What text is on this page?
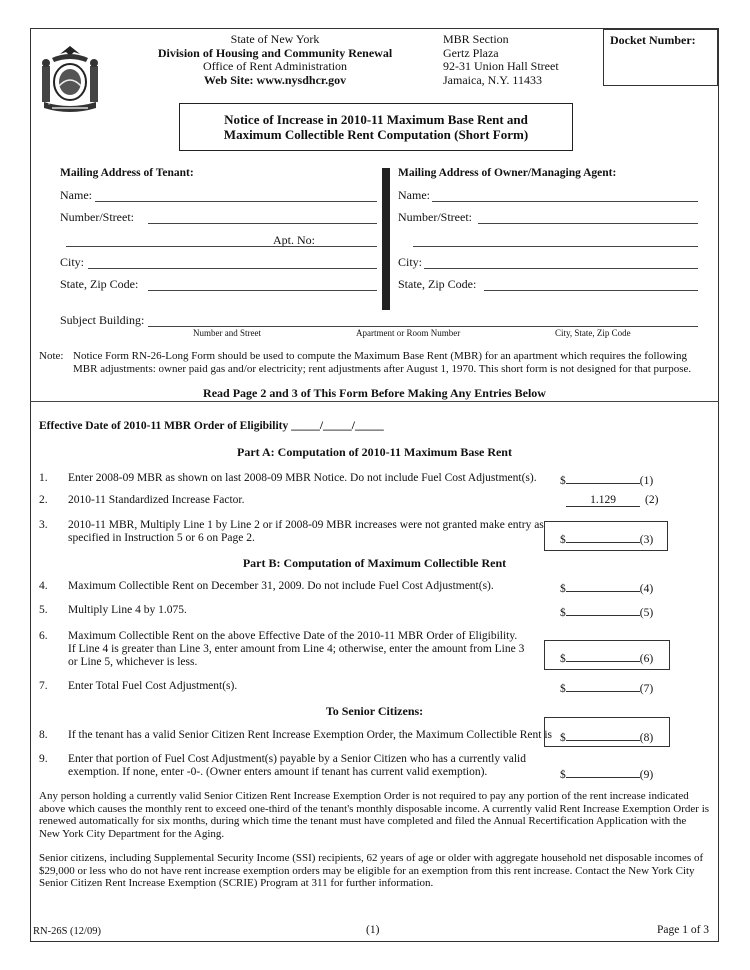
State of New York
Division of Housing and Community Renewal
Office of Rent Administration
Web Site: www.nysdhcr.gov
MBR Section
Gertz Plaza
92-31 Union Hall Street
Jamaica, N.Y. 11433
Docket Number:
Notice of Increase in 2010-11 Maximum Base Rent and
Maximum Collectible Rent Computation (Short Form)
Mailing Address of Tenant:
Name:
Number/Street:
Apt. No:
City:
State, Zip Code:
Mailing Address of Owner/Managing Agent:
Name:
Number/Street:
City:
State, Zip Code:
Subject Building:
Number and Street	Apartment or Room Number	City, State, Zip Code
Note: Notice Form RN-26-Long Form should be used to compute the Maximum Base Rent (MBR) for an apartment which requires the following
MBR adjustments: owner paid gas and/or electricity; rent adjustments after August 1, 1970. This short form is not designed for that purpose.
Read Page 2 and 3 of This Form Before Making Any Entries Below
Effective Date of 2010-11 MBR Order of Eligibility _____/_____/_____
Part A: Computation of 2010-11 Maximum Base Rent
1. Enter 2008-09 MBR as shown on last 2008-09 MBR Notice. Do not include Fuel Cost Adjustment(s). $	(1)
2. 2010-11 Standardized Increase Factor.	1.129	(2)
3. 2010-11 MBR, Multiply Line 1 by Line 2 or if 2008-09 MBR increases were not granted make entry as
specified in Instruction 5 or 6 on Page 2.	$	(3)
Part B: Computation of Maximum Collectible Rent
4. Maximum Collectible Rent on December 31, 2009. Do not include Fuel Cost Adjustment(s).	$	(4)
5. Multiply Line 4 by 1.075.	$	(5)
6. Maximum Collectible Rent on the above Effective Date of the 2010-11 MBR Order of Eligibility.
If Line 4 is greater than Line 3, enter amount from Line 4; otherwise, enter the amount from Line 3
or Line 5, whichever is less.	$	(6)
7. Enter Total Fuel Cost Adjustment(s).	$	(7)
To Senior Citizens:
8. If the tenant has a valid Senior Citizen Rent Increase Exemption Order, the Maximum Collectible Rent is $	(8)
9. Enter that portion of Fuel Cost Adjustment(s) payable by a Senior Citizen who has a currently valid
exemption. If none, enter -0-. (Owner enters amount if tenant has current valid exemption).	$	(9)
Any person holding a currently valid Senior Citizen Rent Increase Exemption Order is not required to pay any portion of the rent increase indicated
above which causes the monthly rent to exceed one-third of the tenant's monthly disposable income. A currently valid Rent Increase Exemption Order is
renewed automatically for six months, during which time the tenant must have completed and filed the Annual Recertification Application with the
New York City Department for the Aging.
Senior citizens, including Supplemental Security Income (SSI) recipients, 62 years of age or older with aggregate household net disposable incomes of
$29,000 or less who do not have rent increase exemption orders may be eligible for an exemption from this rent increase. Contact the New York City
Senior Citizen Rent Increase Exemption (SCRIE) Program at 311 for further information.
RN-26S (12/09)	(1)	Page 1 of 3
